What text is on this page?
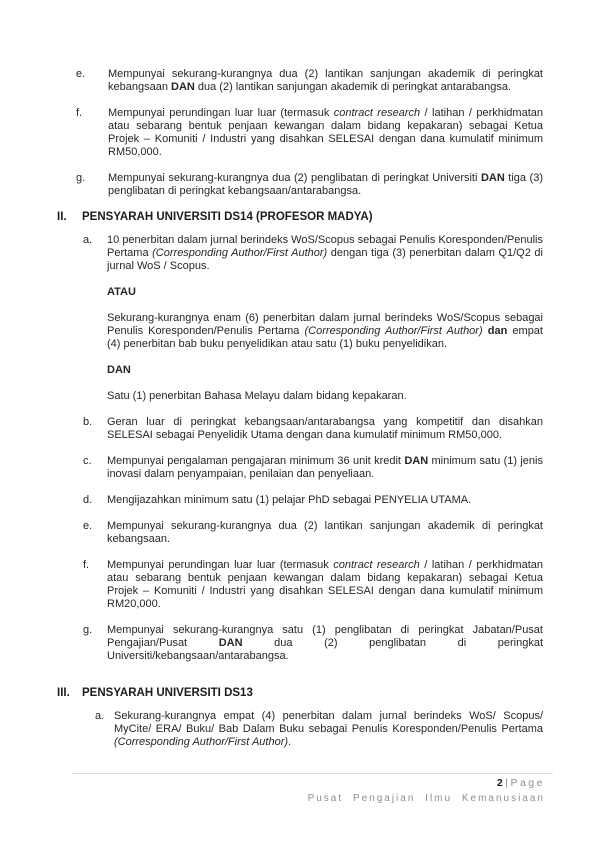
e.	Mempunyai sekurang-kurangnya dua (2) lantikan sanjungan akademik di peringkat kebangsaan DAN dua (2) lantikan sanjungan akademik di peringkat antarabangsa.

f.	Mempunyai perundingan luar luar (termasuk contract research / latihan / perkhidmatan atau sebarang bentuk penjaan kewangan dalam bidang kepakaran) sebagai Ketua Projek – Komuniti / Industri yang disahkan SELESAI dengan dana kumulatif minimum RM50,000.

g.	Mempunyai sekurang-kurangnya dua (2) penglibatan di peringkat Universiti DAN tiga (3) penglibatan di peringkat kebangsaan/antarabangsa.

II.	PENSYARAH UNIVERSITI DS14 (PROFESOR MADYA)
a.	10 penerbitan dalam jurnal berindeks WoS/Scopus sebagai Penulis Koresponden/Penulis Pertama (Corresponding Author/First Author) dengan tiga (3) penerbitan dalam Q1/Q2 di jurnal WoS / Scopus.

ATAU

Sekurang-kurangnya enam (6) penerbitan dalam jurnal berindeks WoS/Scopus sebagai Penulis Koresponden/Penulis Pertama (Corresponding Author/First Author) dan empat (4) penerbitan bab buku penyelidikan atau satu (1) buku penyelidikan.

DAN

Satu (1) penerbitan Bahasa Melayu dalam bidang kepakaran.

b.	Geran luar di peringkat kebangsaan/antarabangsa yang kompetitif dan disahkan SELESAI sebagai Penyelidik Utama dengan dana kumulatif minimum RM50,000.

c.	Mempunyai pengalaman pengajaran minimum 36 unit kredit DAN minimum satu (1) jenis inovasi dalam penyampaian, penilaian dan penyeliaan.

d.	Mengijazahkan minimum satu (1) pelajar PhD sebagai PENYELIA UTAMA.

e.	Mempunyai sekurang-kurangnya dua (2) lantikan sanjungan akademik di peringkat kebangsaan.

f.	Mempunyai perundingan luar luar (termasuk contract research / latihan / perkhidmatan atau sebarang bentuk penjaan kewangan dalam bidang kepakaran) sebagai Ketua Projek – Komuniti / Industri yang disahkan SELESAI dengan dana kumulatif minimum RM20,000.

g.	Mempunyai sekurang-kurangnya satu (1) penglibatan di peringkat Jabatan/Pusat Pengajian/Pusat DAN dua (2) penglibatan di peringkat Universiti/kebangsaan/antarabangsa.

III.	PENSYARAH UNIVERSITI DS13
a. Sekurang-kurangnya empat (4) penerbitan dalam jurnal berindeks WoS/ Scopus/ MyCite/ ERA/ Buku/ Bab Dalam Buku sebagai Penulis Koresponden/Penulis Pertama (Corresponding Author/First Author).

2|Page
Pusat Pengajian Ilmu Kemanusiaan
